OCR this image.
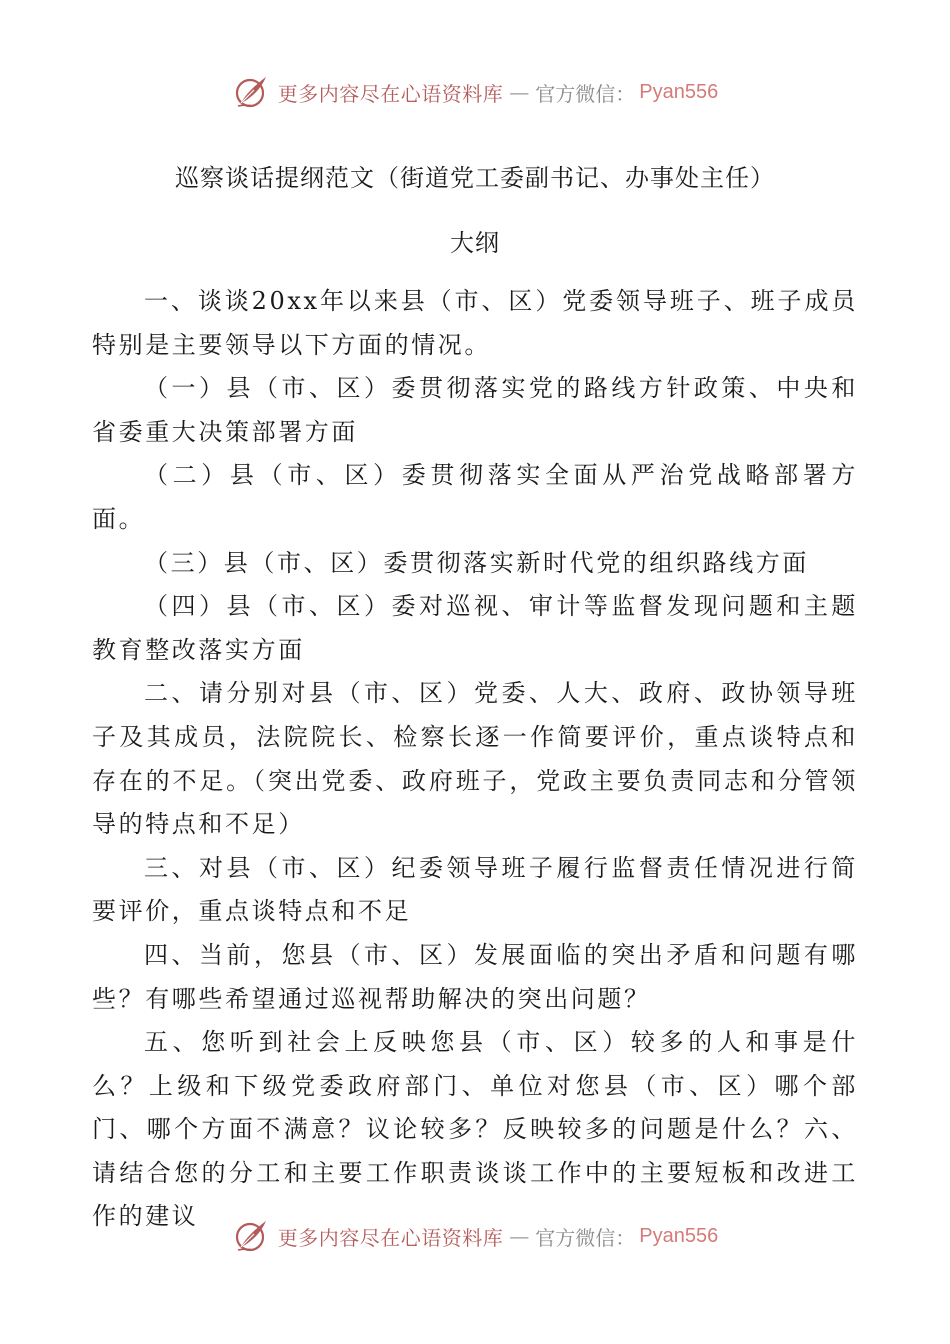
更多内容尽在心语资料库 — 官方微信： Pyan556
巡察谈话提纲范文（街道党工委副书记、办事处主任）
大纲

一、谈谈20xx年以来县（市、区）党委领导班子、班子成员特别是主要领导以下方面的情况。

（一）县（市、区）委贯彻落实党的路线方针政策、中央和省委重大决策部署方面

（二）县（市、区）委贯彻落实全面从严治党战略部署方面。

（三）县（市、区）委贯彻落实新时代党的组织路线方面

（四）县（市、区）委对巡视、审计等监督发现问题和主题教育整改落实方面

二、请分别对县（市、区）党委、人大、政府、政协领导班子及其成员，法院院长、检察长逐一作简要评价，重点谈特点和存在的不足。（突出党委、政府班子，党政主要负责同志和分管领导的特点和不足）

三、对县（市、区）纪委领导班子履行监督责任情况进行简要评价，重点谈特点和不足

四、当前，您县（市、区）发展面临的突出矛盾和问题有哪些？有哪些希望通过巡视帮助解决的突出问题？

五、您听到社会上反映您县（市、区）较多的人和事是什么？上级和下级党委政府部门、单位对您县（市、区）哪个部门、哪个方面不满意？议论较多？反映较多的问题是什么？六、请结合您的分工和主要工作职责谈谈工作中的主要短板和改进工作的建议

更多内容尽在心语资料库 — 官方微信： Pyan556
